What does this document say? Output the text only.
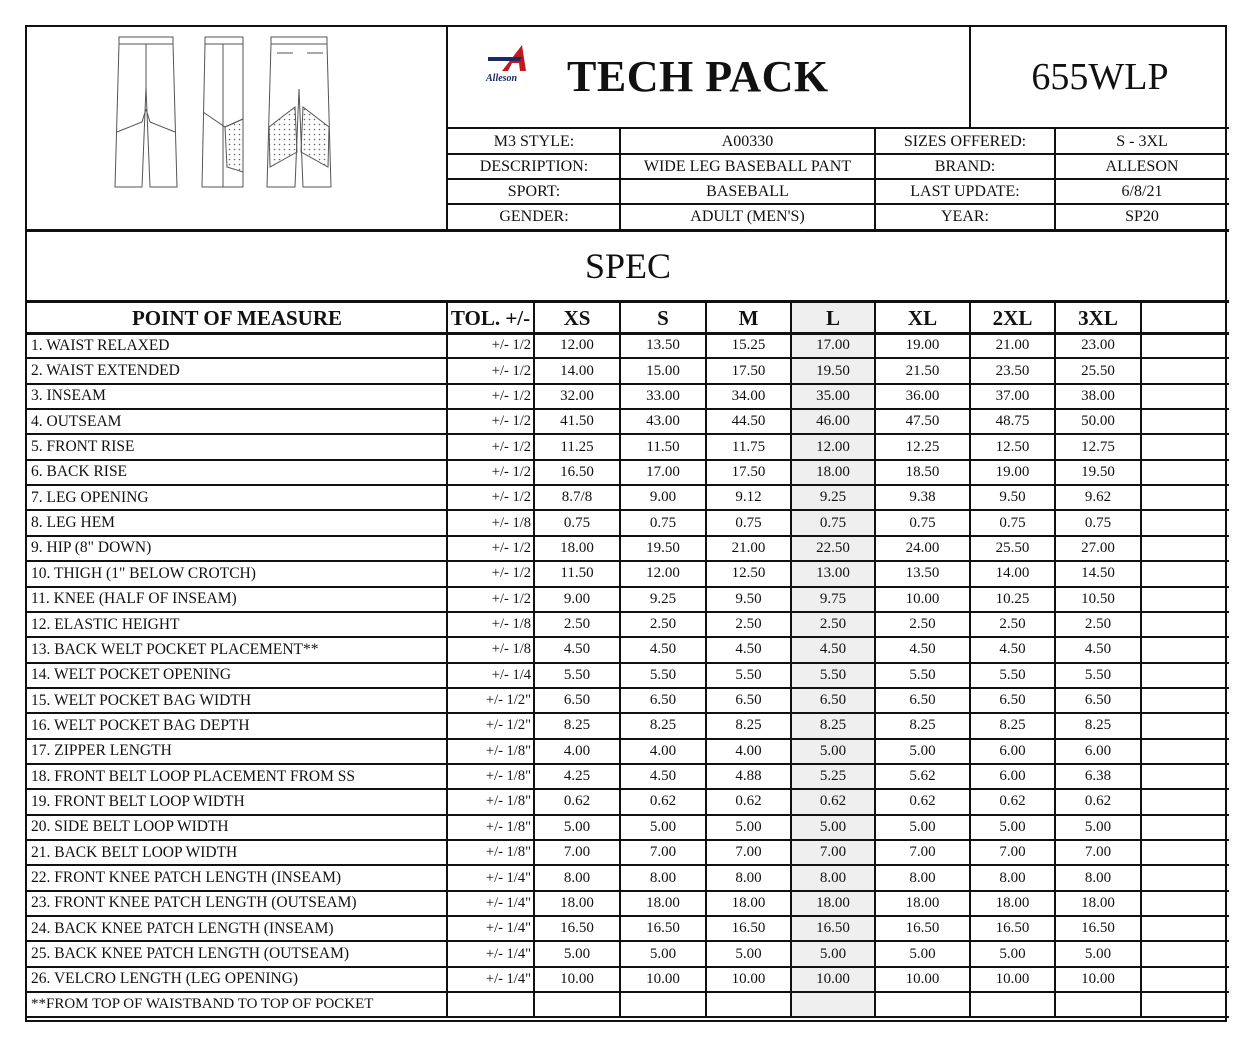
Alleson TECH PACK	655WLP
M3 STYLE:	A00330	SIZES OFFERED:	S - 3XL
DESCRIPTION:	WIDE LEG BASEBALL PANT	BRAND:	ALLESON
SPORT:	BASEBALL	LAST UPDATE:	6/8/21
GENDER:	ADULT (MEN'S)	YEAR:	SP20
SPEC
POINT OF MEASURE	TOL. +/-	XS	S	M	L	XL	2XL	3XL
1. WAIST RELAXED	+/- 1/2	12.00	13.50	15.25	17.00	19.00	21.00	23.00
2. WAIST EXTENDED	+/- 1/2	14.00	15.00	17.50	19.50	21.50	23.50	25.50
3. INSEAM	+/- 1/2	32.00	33.00	34.00	35.00	36.00	37.00	38.00
4. OUTSEAM	+/- 1/2	41.50	43.00	44.50	46.00	47.50	48.75	50.00
5. FRONT RISE	+/- 1/2	11.25	11.50	11.75	12.00	12.25	12.50	12.75
6. BACK RISE	+/- 1/2	16.50	17.00	17.50	18.00	18.50	19.00	19.50
7. LEG OPENING	+/- 1/2	8.7/8	9.00	9.12	9.25	9.38	9.50	9.62
8. LEG HEM	+/- 1/8	0.75	0.75	0.75	0.75	0.75	0.75	0.75
9. HIP (8" DOWN)	+/- 1/2	18.00	19.50	21.00	22.50	24.00	25.50	27.00
10. THIGH (1" BELOW CROTCH)	+/- 1/2	11.50	12.00	12.50	13.00	13.50	14.00	14.50
11. KNEE (HALF OF INSEAM)	+/- 1/2	9.00	9.25	9.50	9.75	10.00	10.25	10.50
12. ELASTIC HEIGHT	+/- 1/8	2.50	2.50	2.50	2.50	2.50	2.50	2.50
13. BACK WELT POCKET PLACEMENT**	+/- 1/8	4.50	4.50	4.50	4.50	4.50	4.50	4.50
14. WELT POCKET OPENING	+/- 1/4	5.50	5.50	5.50	5.50	5.50	5.50	5.50
15. WELT POCKET BAG WIDTH	+/- 1/2"	6.50	6.50	6.50	6.50	6.50	6.50	6.50
16. WELT POCKET BAG DEPTH	+/- 1/2"	8.25	8.25	8.25	8.25	8.25	8.25	8.25
17. ZIPPER LENGTH	+/- 1/8"	4.00	4.00	4.00	5.00	5.00	6.00	6.00
18. FRONT BELT LOOP PLACEMENT FROM SS	+/- 1/8"	4.25	4.50	4.88	5.25	5.62	6.00	6.38
19. FRONT BELT LOOP WIDTH	+/- 1/8"	0.62	0.62	0.62	0.62	0.62	0.62	0.62
20. SIDE BELT LOOP WIDTH	+/- 1/8"	5.00	5.00	5.00	5.00	5.00	5.00	5.00
21. BACK BELT LOOP WIDTH	+/- 1/8"	7.00	7.00	7.00	7.00	7.00	7.00	7.00
22. FRONT KNEE PATCH LENGTH (INSEAM)	+/- 1/4"	8.00	8.00	8.00	8.00	8.00	8.00	8.00
23. FRONT KNEE PATCH LENGTH (OUTSEAM)	+/- 1/4"	18.00	18.00	18.00	18.00	18.00	18.00	18.00
24. BACK KNEE PATCH LENGTH (INSEAM)	+/- 1/4"	16.50	16.50	16.50	16.50	16.50	16.50	16.50
25. BACK KNEE PATCH LENGTH (OUTSEAM)	+/- 1/4"	5.00	5.00	5.00	5.00	5.00	5.00	5.00
26. VELCRO LENGTH (LEG OPENING)	+/- 1/4"	10.00	10.00	10.00	10.00	10.00	10.00	10.00
**FROM TOP OF WAISTBAND TO TOP OF POCKET
